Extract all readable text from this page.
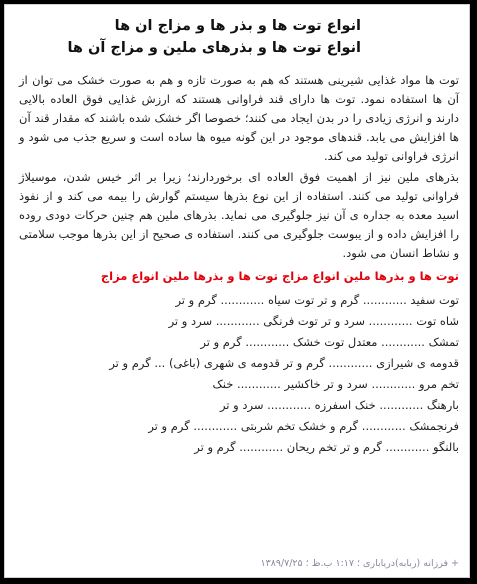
انواع توت ها و بذر ها و مزاج ان ها
انواع توت ها و بذرهای ملین و مزاج آن ها

توت ها مواد غذایی شیرینی هستند که هم به صورت تازه و هم به صورت خشک می توان از آن ها استفاده نمود. توت ها دارای قند فراوانی هستند که ارزش غذایی فوق العاده بالایی دارند و انرژی زیادی را در بدن ایجاد می کنند؛ خصوصا اگر خشک شده باشند که مقدار قند آن ها افزایش می یابد. قندهای موجود در این گونه میوه ها ساده است و سریع جذب می شود و انرژی فراوانی تولید می کند.

بذرهای ملین نیز از اهمیت فوق العاده ای برخوردارند؛ زیرا بر اثر خیس شدن، موسیلاژ فراوانی تولید می کنند. استفاده از این نوع بذرها سیستم گوارش را بیمه می کند و از نفوذ اسید معده به جداره ی آن نیز جلوگیری می نماید. بذرهای ملین هم چنین حرکات دودی روده را افزایش داده و از یبوست جلوگیری می کنند. استفاده ی صحیح از این بذرها موجب سلامتی و نشاط انسان می شود.

توت ها و بذرها ملین انواع مزاج توت ها و بذرها ملین انواع مزاج
توت سفید ............ گرم و تر توت سیاه ............ گرم و تر
شاه توت ............ سرد و تر توت فرنگی ............ سرد و تر
تمشک ............ معتدل توت خشک ............ گرم و تر
قدومه ی شیرازی ............ گرم و تر قدومه ی شهری (باغی) ... گرم و تر
تخم مرو ............ سرد و تر خاکشیر ............ خنک
بارهنگ ............ خنک اسفرزه ............ سرد و تر
فرنجمشک ............ گرم و خشک تخم شربتی ............ گرم و تر
بالنگو ............ گرم و تر تخم ریحان ............ گرم و تر
+ فرزانه (ربابه)دریاباری ؛ ۱:۱۷ ب.ظ ؛ ۱۳۸۹/۷/۲۵
